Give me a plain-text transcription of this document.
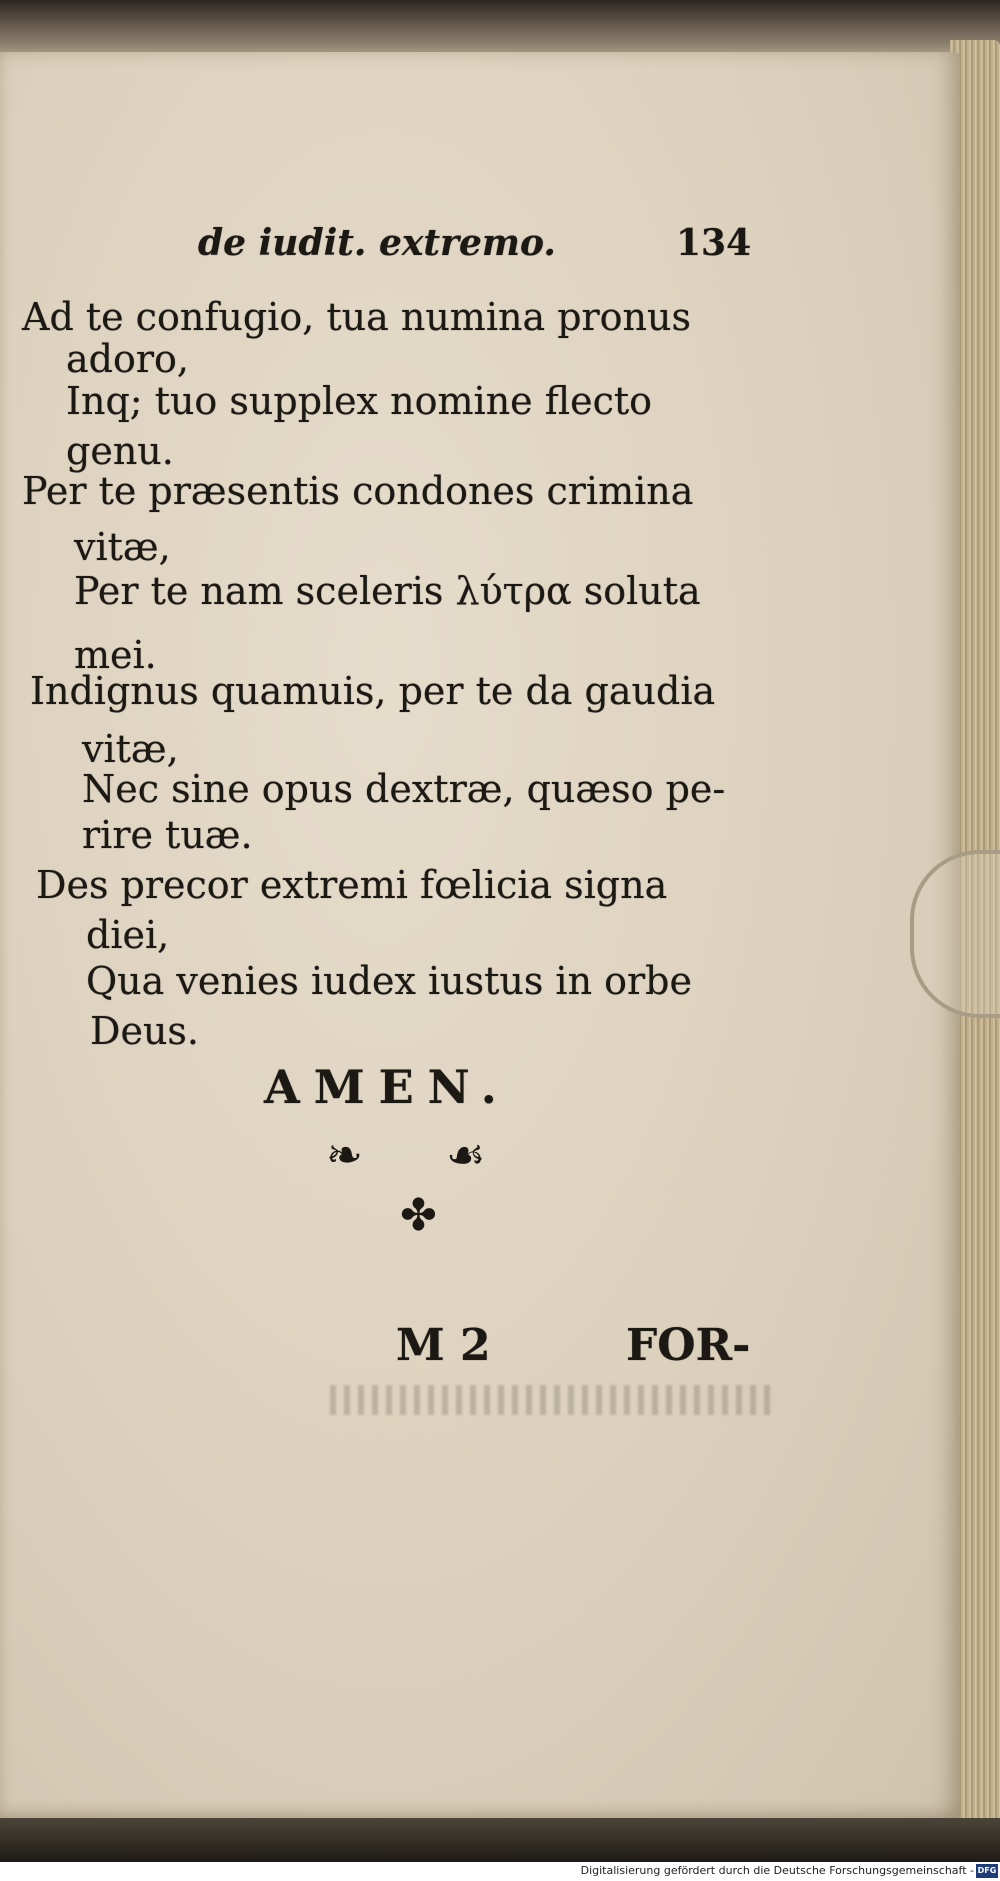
de iudit. extremo.	134
Ad te confugio, tua numina pronus
adoro,
Inq; tuo supplex nomine flecto
genu.
Per te præsentis condones crimina
vitæ,
Per te nam sceleris λύτρα soluta
mei.
Indignus quamuis, per te da gaudia
vitæ,
Nec sine opus dextræ, quæso pe-
rire tuæ.
Des precor extremi fœlicia signa
diei,
Qua venies iudex iustus in orbe
Deus.
AMEN.
❧ ☙
✤
M 2	FOR-
Digitalisierung gefördert durch die Deutsche Forschungsgemeinschaft - DFG
